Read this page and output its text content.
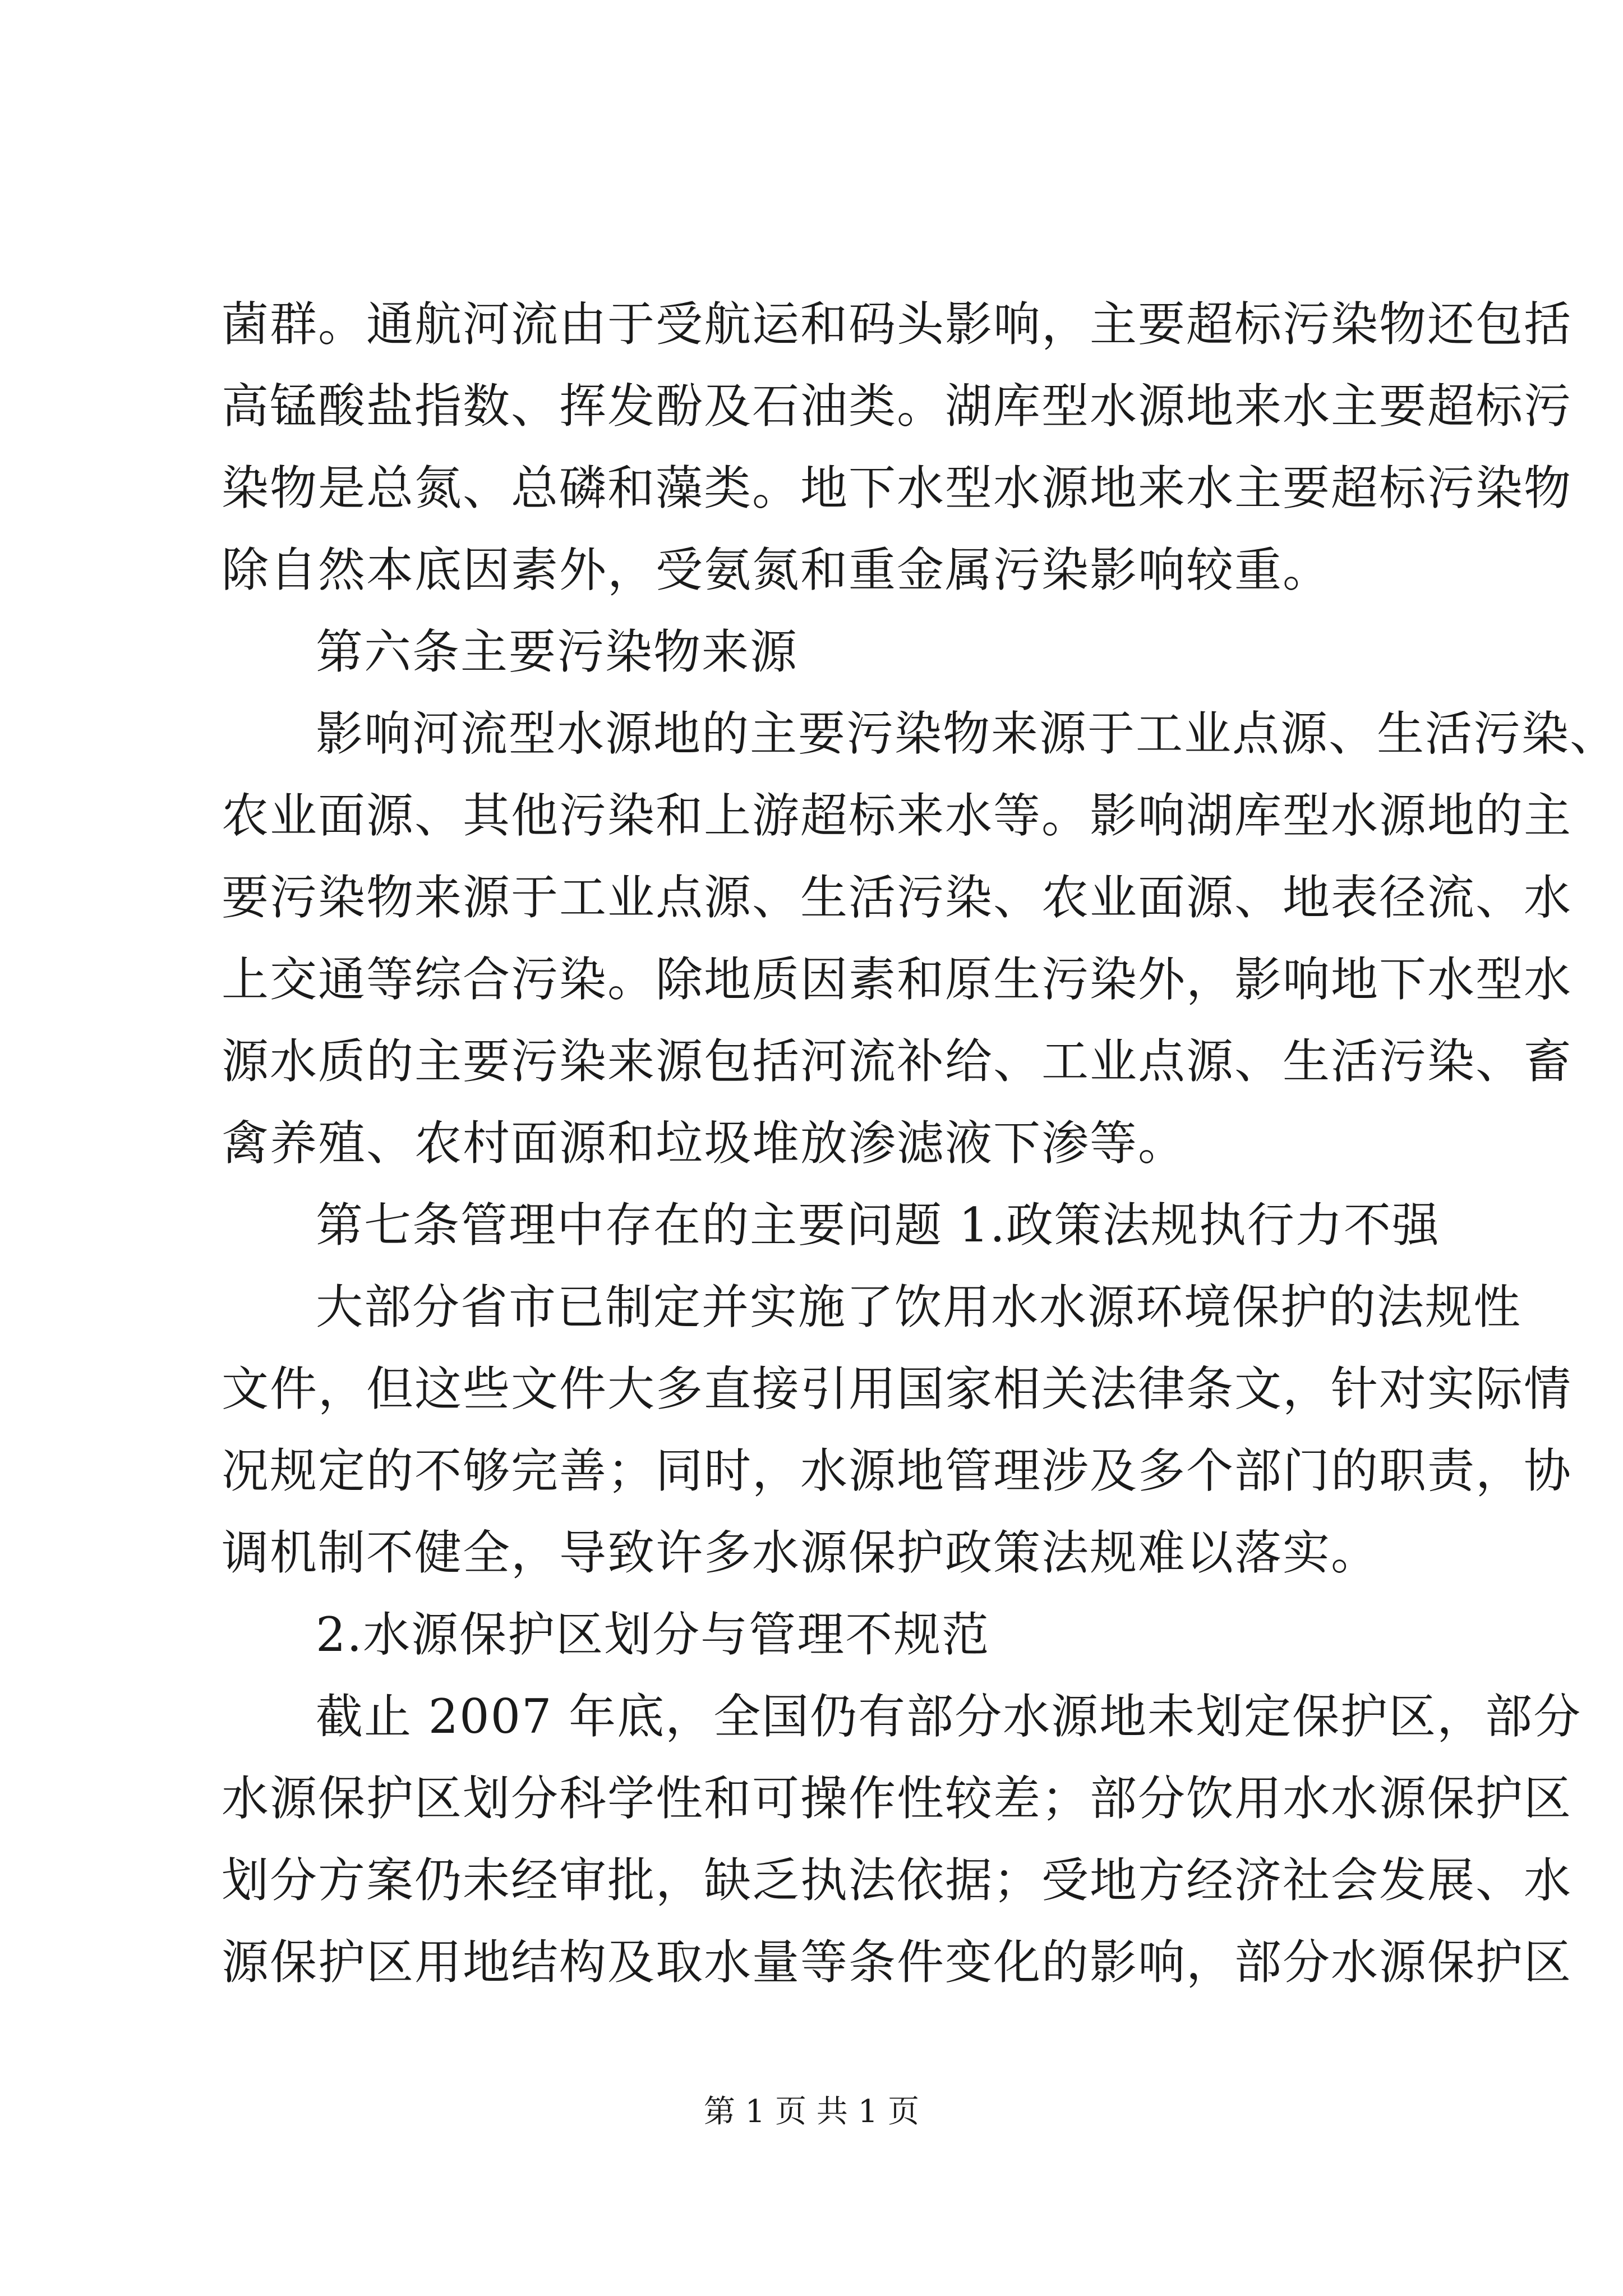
菌群。通航河流由于受航运和码头影响，主要超标污染物还包括
高锰酸盐指数、挥发酚及石油类。湖库型水源地来水主要超标污
染物是总氮、总磷和藻类。地下水型水源地来水主要超标污染物
除自然本底因素外，受氨氮和重金属污染影响较重。
第六条主要污染物来源
影响河流型水源地的主要污染物来源于工业点源、生活污染、
农业面源、其他污染和上游超标来水等。影响湖库型水源地的主
要污染物来源于工业点源、生活污染、农业面源、地表径流、水
上交通等综合污染。除地质因素和原生污染外，影响地下水型水
源水质的主要污染来源包括河流补给、工业点源、生活污染、畜
禽养殖、农村面源和垃圾堆放渗滤液下渗等。
第七条管理中存在的主要问题 1.政策法规执行力不强
大部分省市已制定并实施了饮用水水源环境保护的法规性
文件，但这些文件大多直接引用国家相关法律条文，针对实际情
况规定的不够完善；同时，水源地管理涉及多个部门的职责，协
调机制不健全，导致许多水源保护政策法规难以落实。
2.水源保护区划分与管理不规范
截止 2007 年底，全国仍有部分水源地未划定保护区，部分
水源保护区划分科学性和可操作性较差；部分饮用水水源保护区
划分方案仍未经审批，缺乏执法依据；受地方经济社会发展、水
源保护区用地结构及取水量等条件变化的影响，部分水源保护区
第 1 页 共 1 页
